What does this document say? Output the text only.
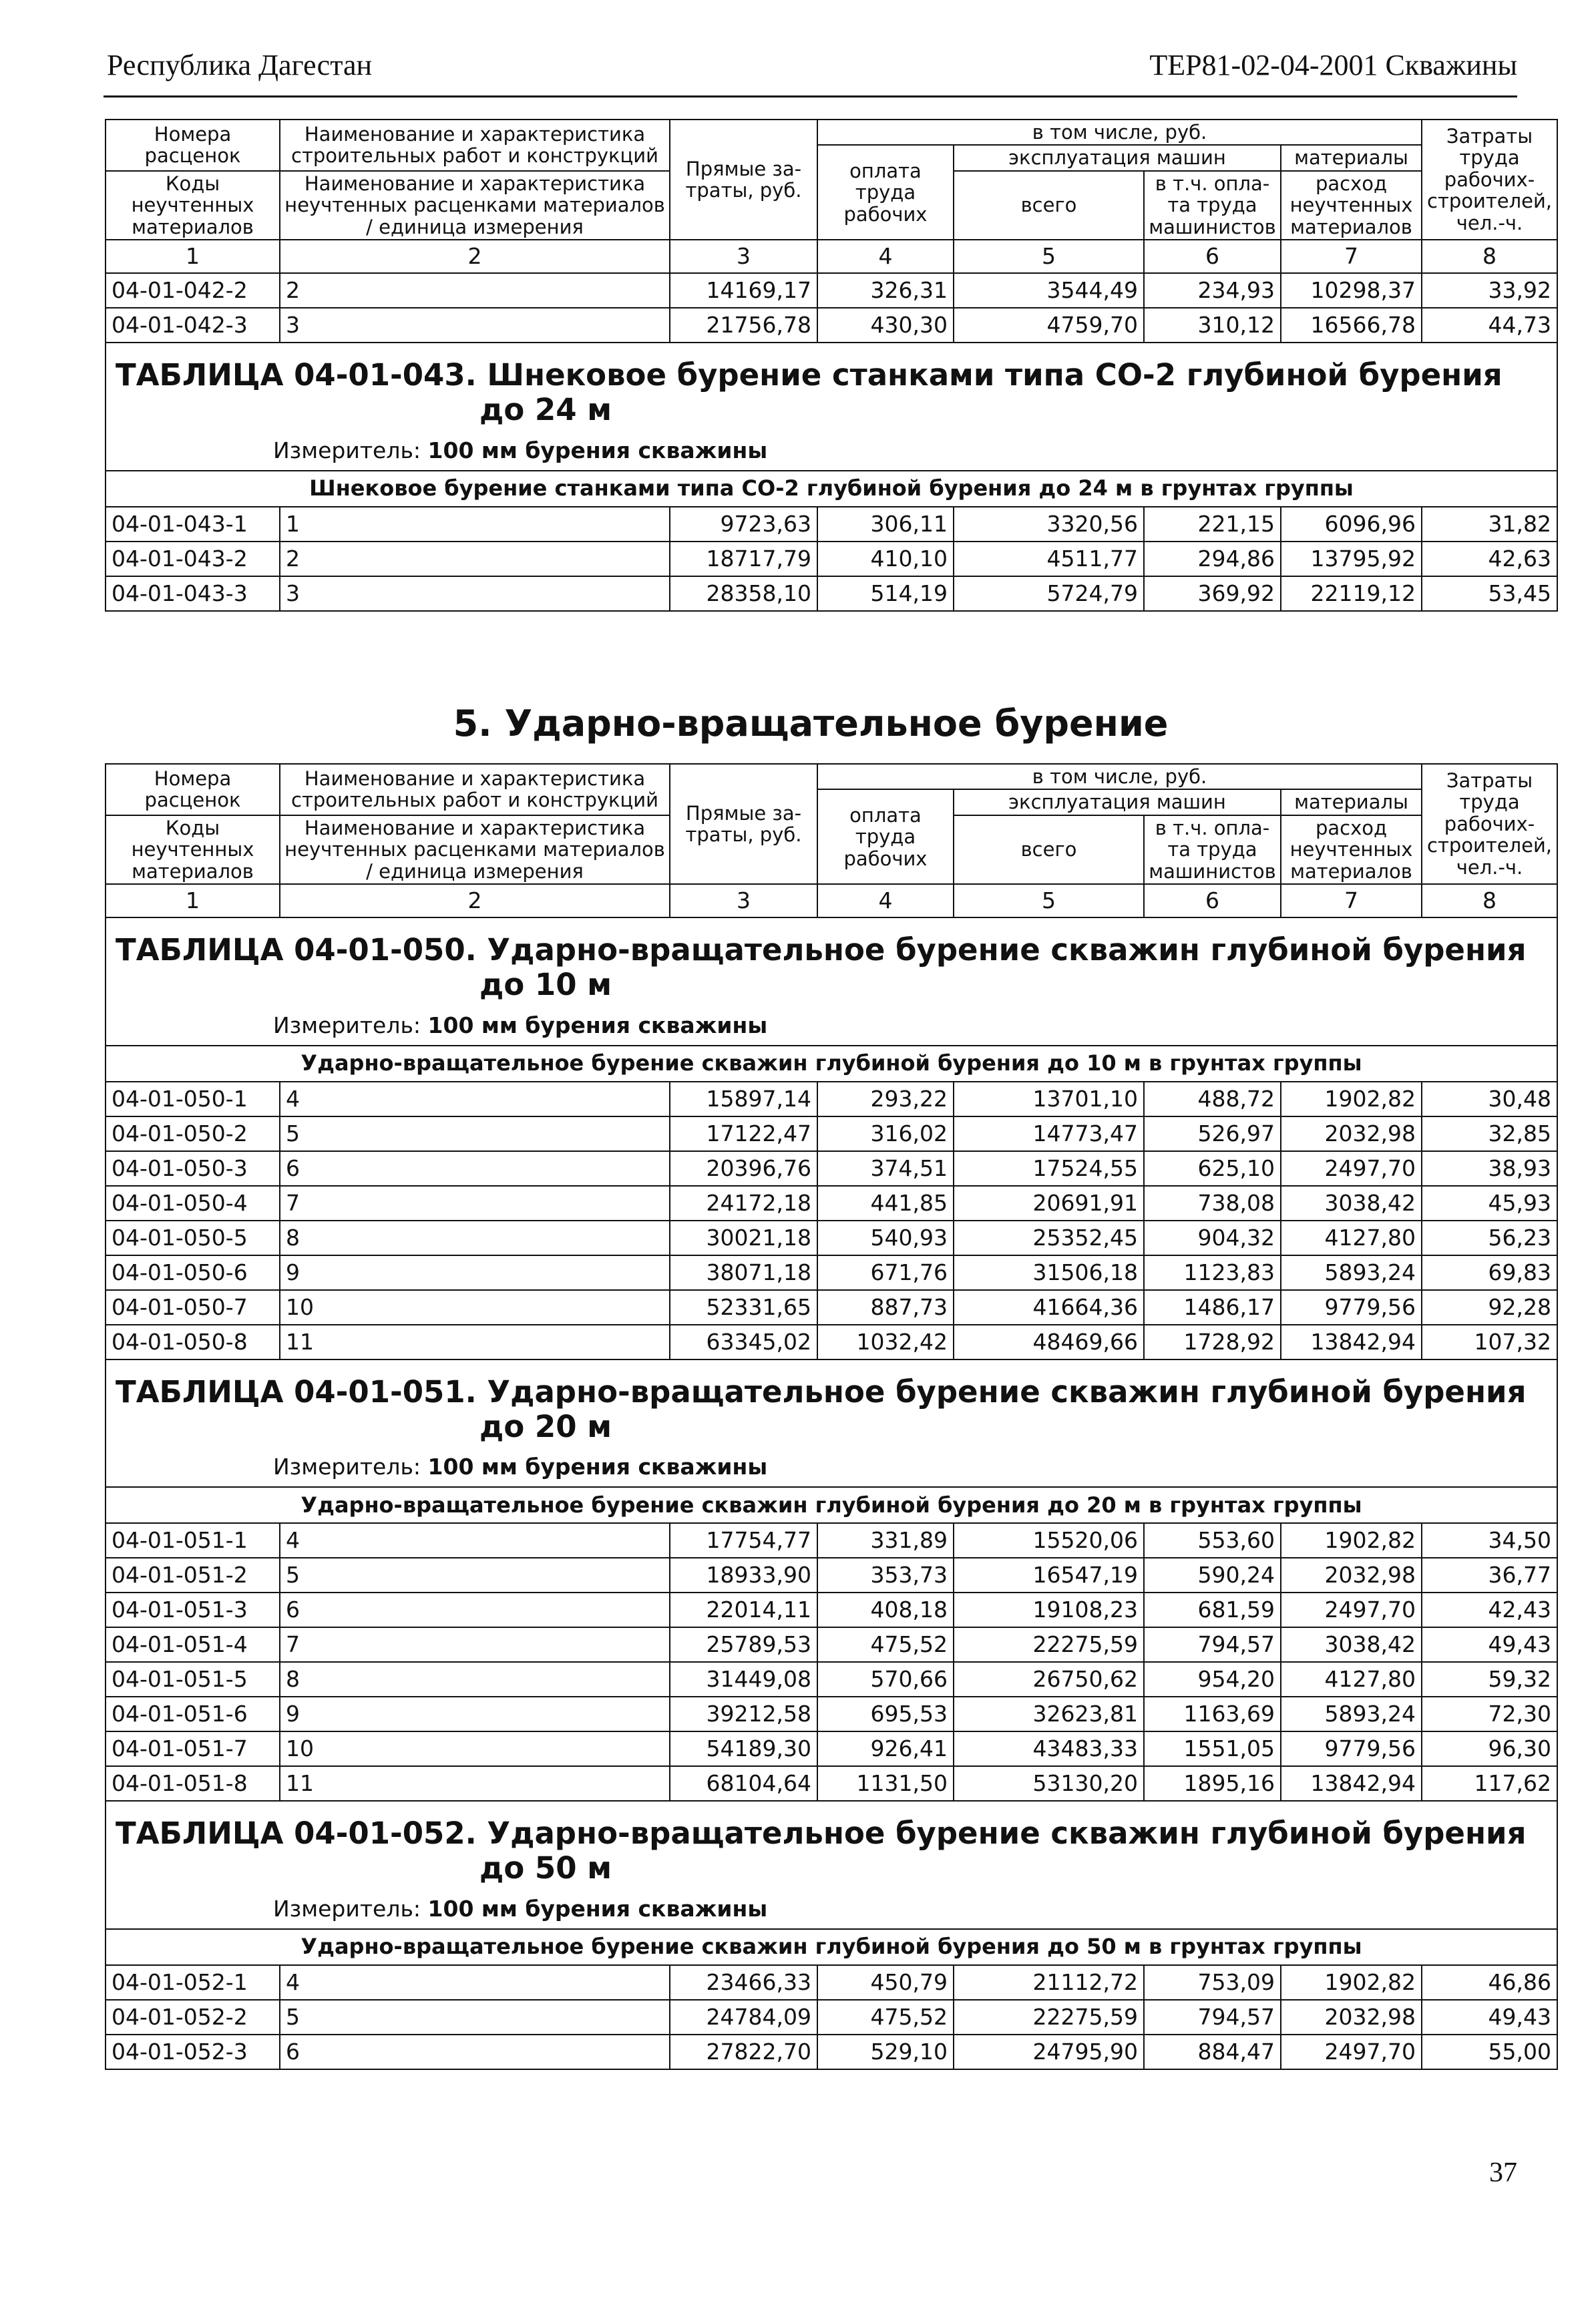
Республика Дагестан	ТЕР81-02-04-2001 Скважины
Номера расценок	Наименование и характеристика строительных работ и конструкций	Прямые за-траты, руб.	в том числе, руб.				Затраты труда рабочих-строителей, чел.-ч.
			оплата труда рабочих	эксплуатация машин		материалы	
Коды неучтенных материалов	Наименование и характеристика неучтенных расценками материалов / единица измерения			всего	в т.ч. опла-та труда машинистов	расход неучтенных материалов	

1	2	3	4	5	6	7	8
04-01-042-2	2	14169,17	326,31	3544,49	234,93	10298,37	33,92
04-01-042-3	3	21756,78	430,30	4759,70	310,12	16566,78	44,73
ТАБЛИЦА 04-01-043. Шнековое бурение станками типа СО-2 глубиной бурения
до 24 м							

Измеритель: 100 мм бурения скважины							
Шнековое бурение станками типа СО-2 глубиной бурения до 24 м в грунтах группы							
04-01-043-1	1	9723,63	306,11	3320,56	221,15	6096,96	31,82
04-01-043-2	2	18717,79	410,10	4511,77	294,86	13795,92	42,63
04-01-043-3	3	28358,10	514,19	5724,79	369,92	22119,12	53,45
5. Ударно-вращательное бурение
Номера расценок	Наименование и характеристика строительных работ и конструкций	Прямые за-траты, руб.	в том числе, руб.				Затраты труда рабочих-строителей, чел.-ч.
			оплата труда рабочих	эксплуатация машин		материалы	
Коды неучтенных материалов	Наименование и характеристика неучтенных расценками материалов / единица измерения			всего	в т.ч. опла-та труда машинистов	расход неучтенных материалов	

1	2	3	4	5	6	7	8
ТАБЛИЦА 04-01-050. Ударно-вращательное бурение скважин глубиной бурения
до 10 м							

Измеритель: 100 мм бурения скважины							
Ударно-вращательное бурение скважин глубиной бурения до 10 м в грунтах группы							
04-01-050-1	4	15897,14	293,22	13701,10	488,72	1902,82	30,48
04-01-050-2	5	17122,47	316,02	14773,47	526,97	2032,98	32,85
04-01-050-3	6	20396,76	374,51	17524,55	625,10	2497,70	38,93
04-01-050-4	7	24172,18	441,85	20691,91	738,08	3038,42	45,93
04-01-050-5	8	30021,18	540,93	25352,45	904,32	4127,80	56,23
04-01-050-6	9	38071,18	671,76	31506,18	1123,83	5893,24	69,83
04-01-050-7	10	52331,65	887,73	41664,36	1486,17	9779,56	92,28
04-01-050-8	11	63345,02	1032,42	48469,66	1728,92	13842,94	107,32
ТАБЛИЦА 04-01-051. Ударно-вращательное бурение скважин глубиной бурения
до 20 м							

Измеритель: 100 мм бурения скважины							
Ударно-вращательное бурение скважин глубиной бурения до 20 м в грунтах группы							
04-01-051-1	4	17754,77	331,89	15520,06	553,60	1902,82	34,50
04-01-051-2	5	18933,90	353,73	16547,19	590,24	2032,98	36,77
04-01-051-3	6	22014,11	408,18	19108,23	681,59	2497,70	42,43
04-01-051-4	7	25789,53	475,52	22275,59	794,57	3038,42	49,43
04-01-051-5	8	31449,08	570,66	26750,62	954,20	4127,80	59,32
04-01-051-6	9	39212,58	695,53	32623,81	1163,69	5893,24	72,30
04-01-051-7	10	54189,30	926,41	43483,33	1551,05	9779,56	96,30
04-01-051-8	11	68104,64	1131,50	53130,20	1895,16	13842,94	117,62
ТАБЛИЦА 04-01-052. Ударно-вращательное бурение скважин глубиной бурения
до 50 м							

Измеритель: 100 мм бурения скважины							
Ударно-вращательное бурение скважин глубиной бурения до 50 м в грунтах группы							
04-01-052-1	4	23466,33	450,79	21112,72	753,09	1902,82	46,86
04-01-052-2	5	24784,09	475,52	22275,59	794,57	2032,98	49,43
04-01-052-3	6	27822,70	529,10	24795,90	884,47	2497,70	55,00
37
